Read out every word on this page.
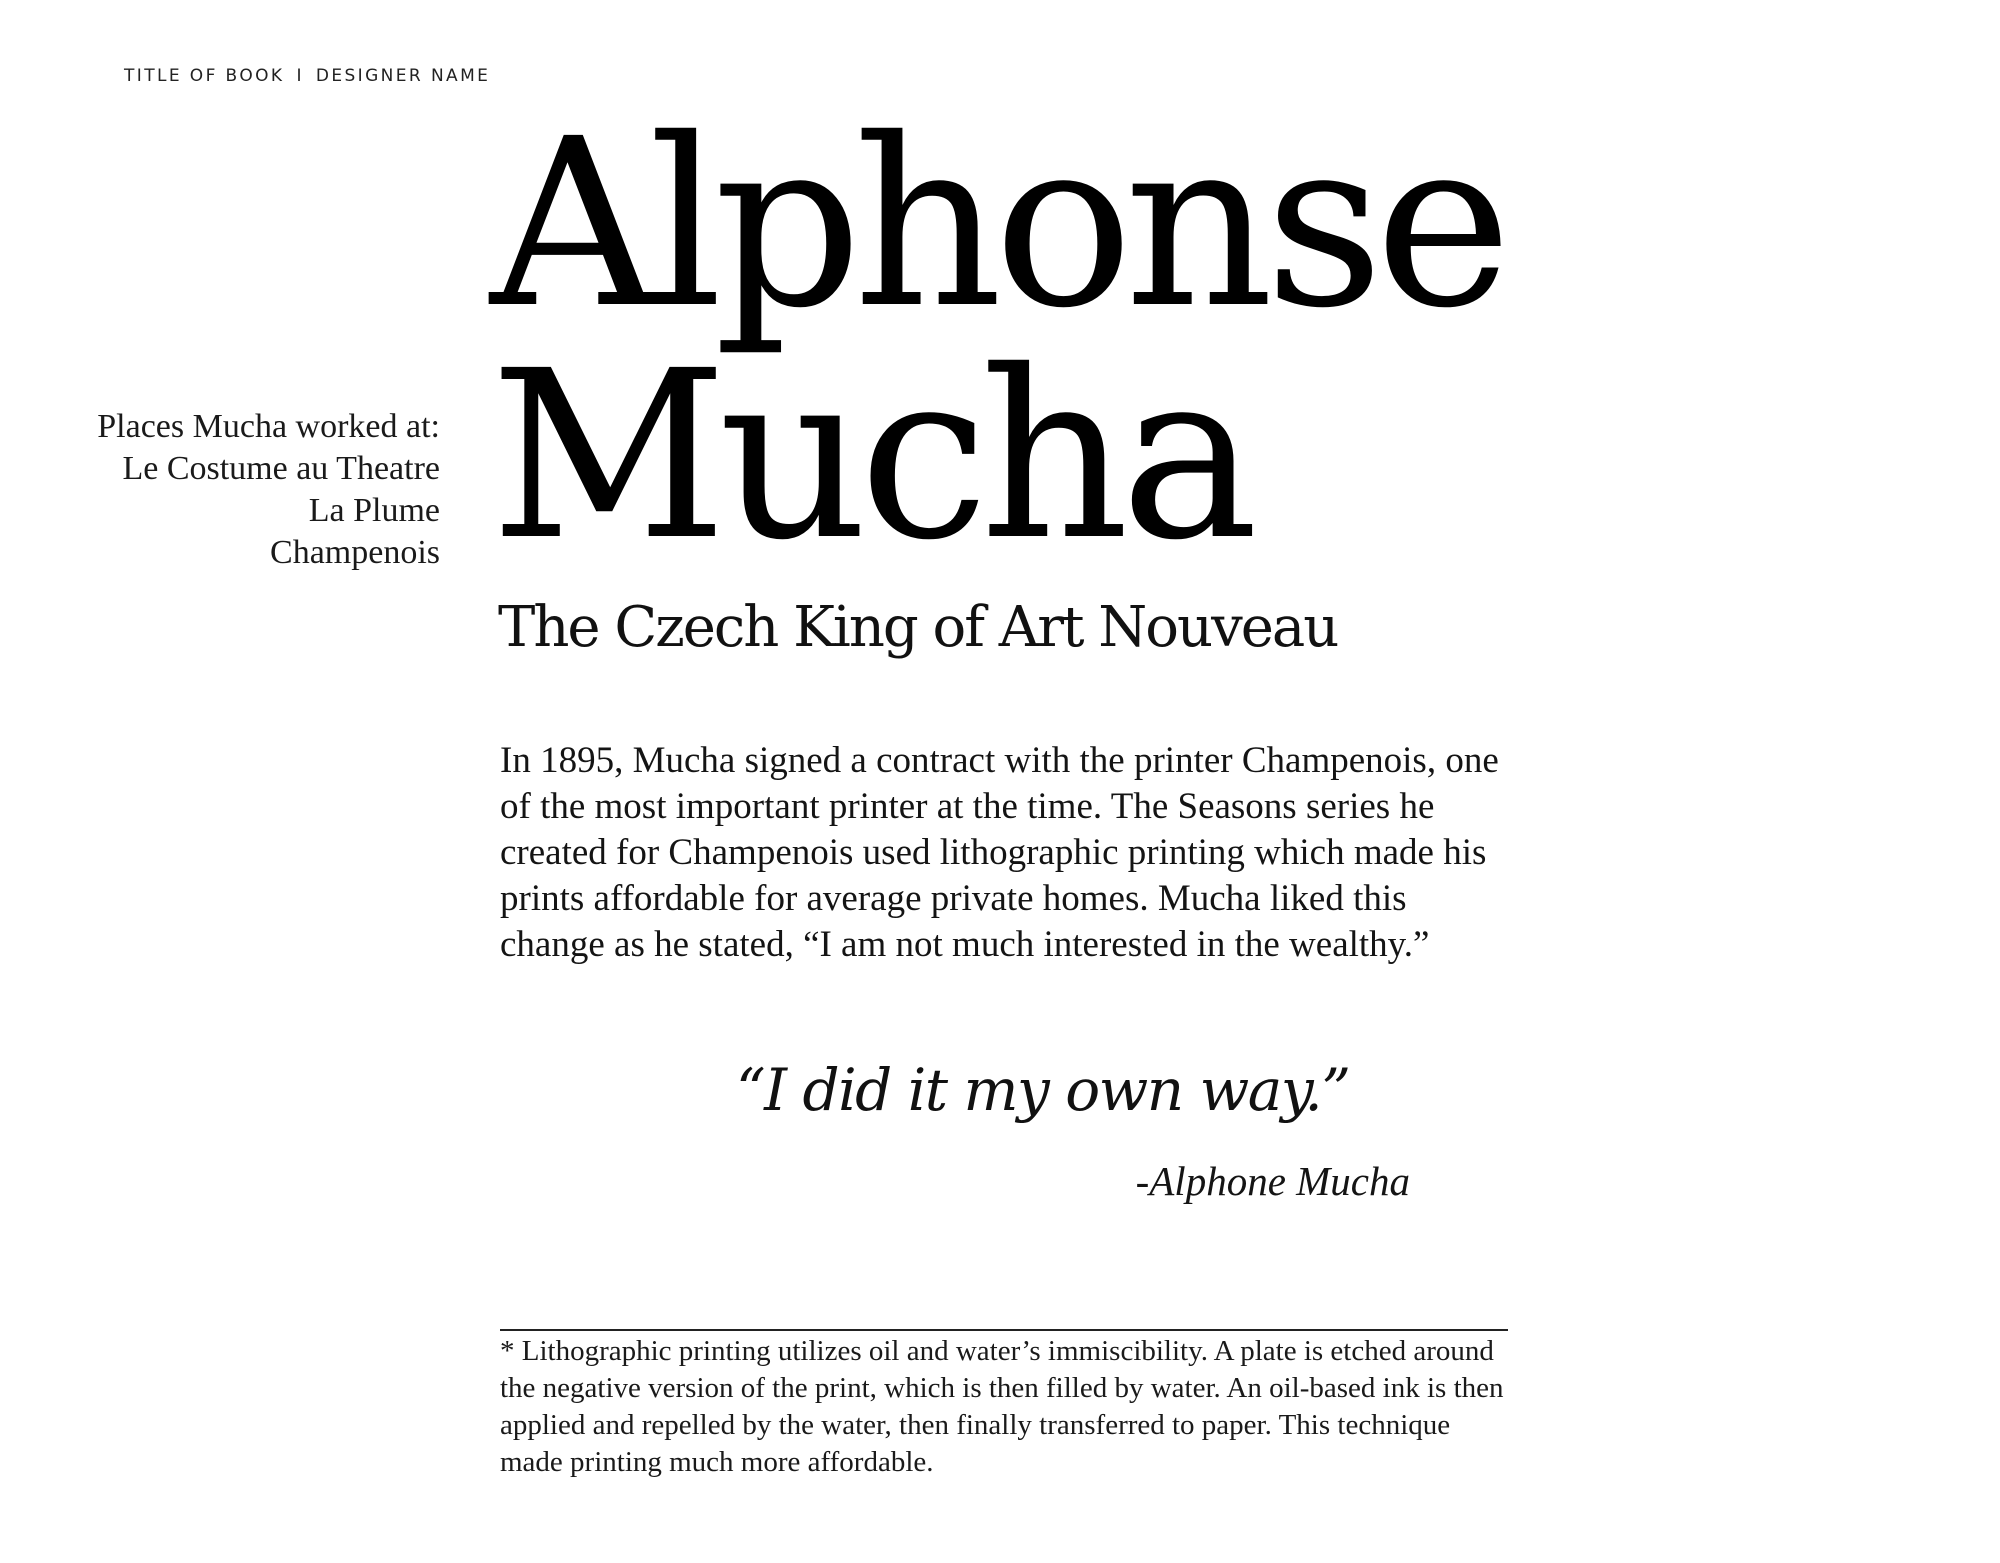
TITLE OF BOOK I DESIGNER NAME
Places Mucha worked at:
Le Costume au Theatre
La Plume
Champenois
Alphonse
Mucha
The Czech King of Art Nouveau

In 1895, Mucha signed a contract with the printer Champenois, one of the most important printer at the time. The Seasons series he created for Champenois used lithographic printing which made his prints affordable for average private homes. Mucha liked this change as he stated, “I am not much interested in the wealthy.”

“I did it my own way.”

-Alphone Mucha

* Lithographic printing utilizes oil and water’s immiscibility. A plate is etched around the negative version of the print, which is then filled by water. An oil-based ink is then applied and repelled by the water, then finally transferred to paper. This technique made printing much more affordable.
